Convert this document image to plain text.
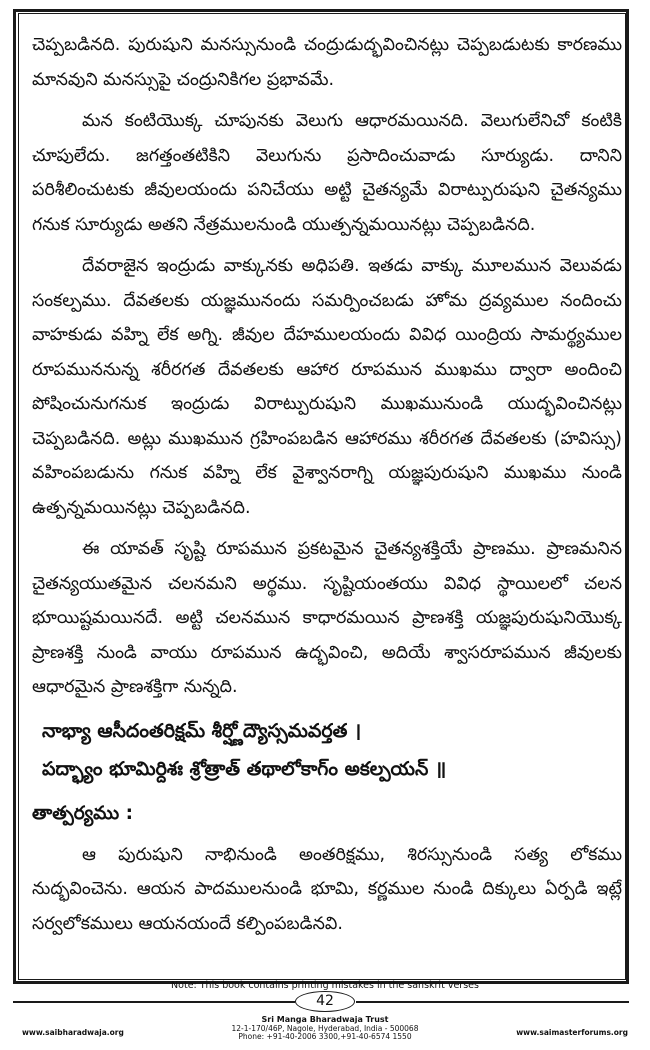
చెప్పబడినది. పురుషుని మనస్సునుండి చంద్రుడుద్భవించినట్లు చెప్పబడుటకు కారణము మానవుని మనస్సుపై చంద్రునికిగల ప్రభావమే.

మన కంటియొక్క చూపునకు వెలుగు ఆధారమయినది. వెలుగులేనిచో కంటికి చూపులేదు. జగత్తంతటికిని వెలుగును ప్రసాదించువాడు సూర్యుడు. దానిని పరిశీలించుటకు జీవులయందు పనిచేయు అట్టి చైతన్యమే విరాట్పురుషుని చైతన్యము గనుక సూర్యుడు అతని నేత్రములనుండి యుత్పన్నమయినట్లు చెప్పబడినది.

దేవరాజైన ఇంద్రుడు వాక్కునకు అధిపతి. ఇతడు వాక్కు మూలమున వెలువడు సంకల్పము. దేవతలకు యజ్ఞమునందు సమర్పించబడు హోమ ద్రవ్యముల నందించు వాహకుడు వహ్ని లేక అగ్ని. జీవుల దేహములయందు వివిధ యింద్రియ సామర్థ్యముల రూపముననున్న శరీరగత దేవతలకు ఆహార రూపమున ముఖము ద్వారా అందించి పోషించునుగనుక ఇంద్రుడు విరాట్పురుషుని ముఖమునుండి యుద్భవించినట్లు చెప్పబడినది. అట్లు ముఖమున గ్రహింపబడిన ఆహారము శరీరగత దేవతలకు (హవిస్సు) వహింపబడును గనుక వహ్ని లేక వైశ్వానరాగ్ని యజ్ఞపురుషుని ముఖము నుండి ఉత్పన్నమయినట్లు చెప్పబడినది.

ఈ యావత్ సృష్టి రూపమున ప్రకటమైన చైతన్యశక్తియే ప్రాణము. ప్రాణమనిన చైతన్యయుతమైన చలనమని అర్థము. సృష్టియంతయు వివిధ స్థాయిలలో చలన భూయిష్టమయినదే. అట్టి చలనమున కాధారమయిన ప్రాణశక్తి యజ్ఞపురుషునియొక్క ప్రాణశక్తి నుండి వాయు రూపమున ఉద్భవించి, అదియే శ్వాసరూపమున జీవులకు ఆధారమైన ప్రాణశక్తిగా నున్నది.

నాభ్యా ఆసీదంతరిక్షమ్ శీర్ష్ణోద్యౌస్సమవర్తత ।
పద్భ్యాం భూమిర్దిశః శ్రోత్రాత్ తథాలోకాగ్ం అకల్పయన్ ॥
తాత్పర్యము :

ఆ పురుషుని నాభినుండి అంతరిక్షము, శిరస్సునుండి సత్య లోకము నుద్భవించెను. ఆయన పాదములనుండి భూమి, కర్ణముల నుండి దిక్కులు ఏర్పడి ఇట్లే సర్వలోకములు ఆయనయందే కల్పింపబడినవి.

Note: This book contains printing mistakes in the sanskrit verses
42
www.saibharadwaja.org
Sri Manga Bharadwaja Trust
12-1-170/46P, Nagole, Hyderabad, India - 500068
Phone: +91-40-2006 3300,+91-40-6574 1550	www.saimasterforums.org
